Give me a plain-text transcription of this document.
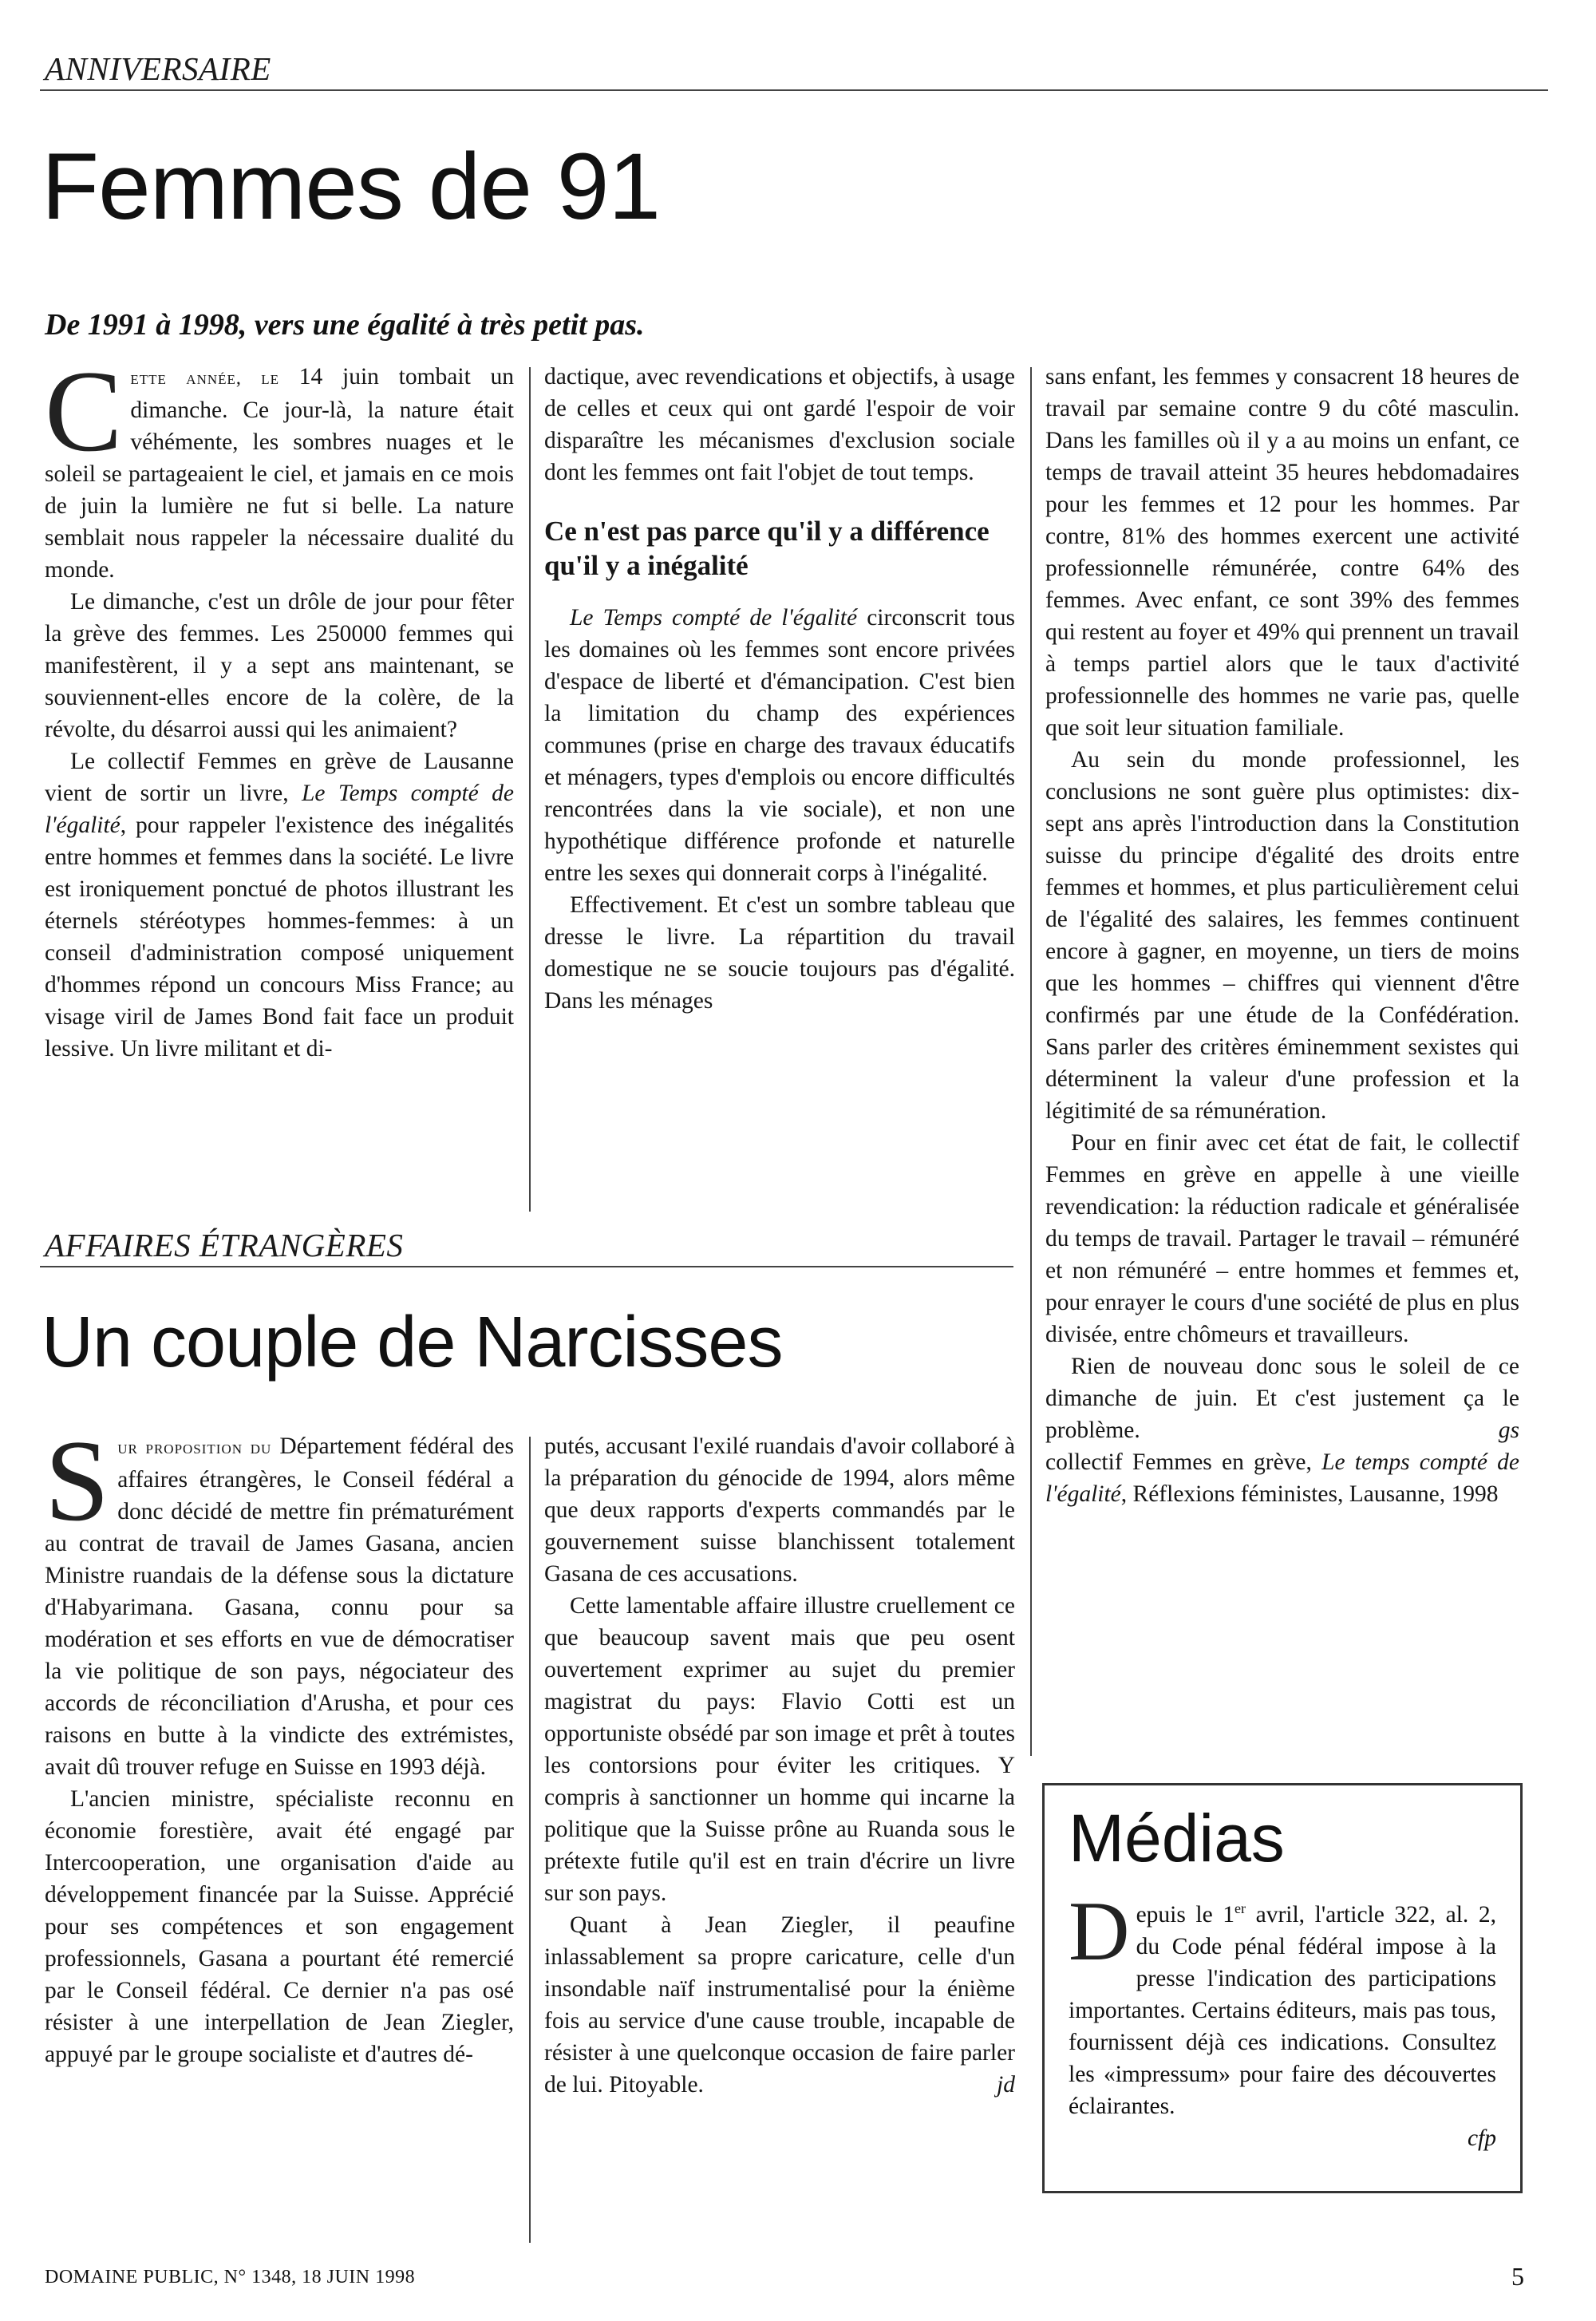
ANNIVERSAIRE
Femmes de 91
De 1991 à 1998, vers une égalité à très petit pas.

Cette année, le 14 juin tombait un dimanche. Ce jour-là, la nature était véhémente, les sombres nuages et le soleil se partageaient le ciel, et jamais en ce mois de juin la lumière ne fut si belle. La nature semblait nous rappeler la nécessaire dualité du monde.

Le dimanche, c'est un drôle de jour pour fêter la grève des femmes. Les 250000 femmes qui manifestèrent, il y a sept ans maintenant, se souviennent-elles encore de la colère, de la révolte, du désarroi aussi qui les animaient?

Le collectif Femmes en grève de Lausanne vient de sortir un livre, Le Temps compté de l'égalité, pour rappeler l'existence des inégalités entre hommes et femmes dans la société. Le livre est ironiquement ponctué de photos illustrant les éternels stéréotypes hommes-femmes: à un conseil d'administration composé uniquement d'hommes répond un concours Miss France; au visage viril de James Bond fait face un produit lessive. Un livre militant et di-

dactique, avec revendications et objectifs, à usage de celles et ceux qui ont gardé l'espoir de voir disparaître les mécanismes d'exclusion sociale dont les femmes ont fait l'objet de tout temps.

Ce n'est pas parce qu'il y a différence qu'il y a inégalité

Le Temps compté de l'égalité circonscrit tous les domaines où les femmes sont encore privées d'espace de liberté et d'émancipation. C'est bien la limitation du champ des expériences communes (prise en charge des travaux éducatifs et ménagers, types d'emplois ou encore difficultés rencontrées dans la vie sociale), et non une hypothétique différence profonde et naturelle entre les sexes qui donnerait corps à l'inégalité.

Effectivement. Et c'est un sombre tableau que dresse le livre. La répartition du travail domestique ne se soucie toujours pas d'égalité. Dans les ménages

sans enfant, les femmes y consacrent 18 heures de travail par semaine contre 9 du côté masculin. Dans les familles où il y a au moins un enfant, ce temps de travail atteint 35 heures hebdomadaires pour les femmes et 12 pour les hommes. Par contre, 81% des hommes exercent une activité professionnelle rémunérée, contre 64% des femmes. Avec enfant, ce sont 39% des femmes qui restent au foyer et 49% qui prennent un travail à temps partiel alors que le taux d'activité professionnelle des hommes ne varie pas, quelle que soit leur situation familiale.

Au sein du monde professionnel, les conclusions ne sont guère plus optimistes: dix-sept ans après l'introduction dans la Constitution suisse du principe d'égalité des droits entre femmes et hommes, et plus particulièrement celui de l'égalité des salaires, les femmes continuent encore à gagner, en moyenne, un tiers de moins que les hommes – chiffres qui viennent d'être confirmés par une étude de la Confédération. Sans parler des critères éminemment sexistes qui déterminent la valeur d'une profession et la légitimité de sa rémunération.

Pour en finir avec cet état de fait, le collectif Femmes en grève en appelle à une vieille revendication: la réduction radicale et généralisée du temps de travail. Partager le travail – rémunéré et non rémunéré – entre hommes et femmes et, pour enrayer le cours d'une société de plus en plus divisée, entre chômeurs et travailleurs.

Rien de nouveau donc sous le soleil de ce dimanche de juin. Et c'est justement ça le problème.	gs

collectif Femmes en grève, Le temps compté de l'égalité, Réflexions féministes, Lausanne, 1998

AFFAIRES ÉTRANGÈRES
Un couple de Narcisses

Sur proposition du Département fédéral des affaires étrangères, le Conseil fédéral a donc décidé de mettre fin prématurément au contrat de travail de James Gasana, ancien Ministre ruandais de la défense sous la dictature d'Habyarimana. Gasana, connu pour sa modération et ses efforts en vue de démocratiser la vie politique de son pays, négociateur des accords de réconciliation d'Arusha, et pour ces raisons en butte à la vindicte des extrémistes, avait dû trouver refuge en Suisse en 1993 déjà.

L'ancien ministre, spécialiste reconnu en économie forestière, avait été engagé par Intercooperation, une organisation d'aide au développement financée par la Suisse. Apprécié pour ses compétences et son engagement professionnels, Gasana a pourtant été remercié par le Conseil fédéral. Ce dernier n'a pas osé résister à une interpellation de Jean Ziegler, appuyé par le groupe socialiste et d'autres dé-

putés, accusant l'exilé ruandais d'avoir collaboré à la préparation du génocide de 1994, alors même que deux rapports d'experts commandés par le gouvernement suisse blanchissent totalement Gasana de ces accusations.

Cette lamentable affaire illustre cruellement ce que beaucoup savent mais que peu osent ouvertement exprimer au sujet du premier magistrat du pays: Flavio Cotti est un opportuniste obsédé par son image et prêt à toutes les contorsions pour éviter les critiques. Y compris à sanctionner un homme qui incarne la politique que la Suisse prône au Ruanda sous le prétexte futile qu'il est en train d'écrire un livre sur son pays.

Quant à Jean Ziegler, il peaufine inlassablement sa propre caricature, celle d'un insondable naïf instrumentalisé pour la énième fois au service d'une cause trouble, incapable de résister à une quelconque occasion de faire parler de lui. Pitoyable.	jd

Médias
Depuis le 1er avril, l'article 322, al. 2, du Code pénal fédéral impose à la presse l'indication des participations importantes. Certains éditeurs, mais pas tous, fournissent déjà ces indications. Consultez les «impressum» pour faire des découvertes éclairantes.
cfp
DOMAINE PUBLIC, N° 1348, 18 JUIN 1998	5
